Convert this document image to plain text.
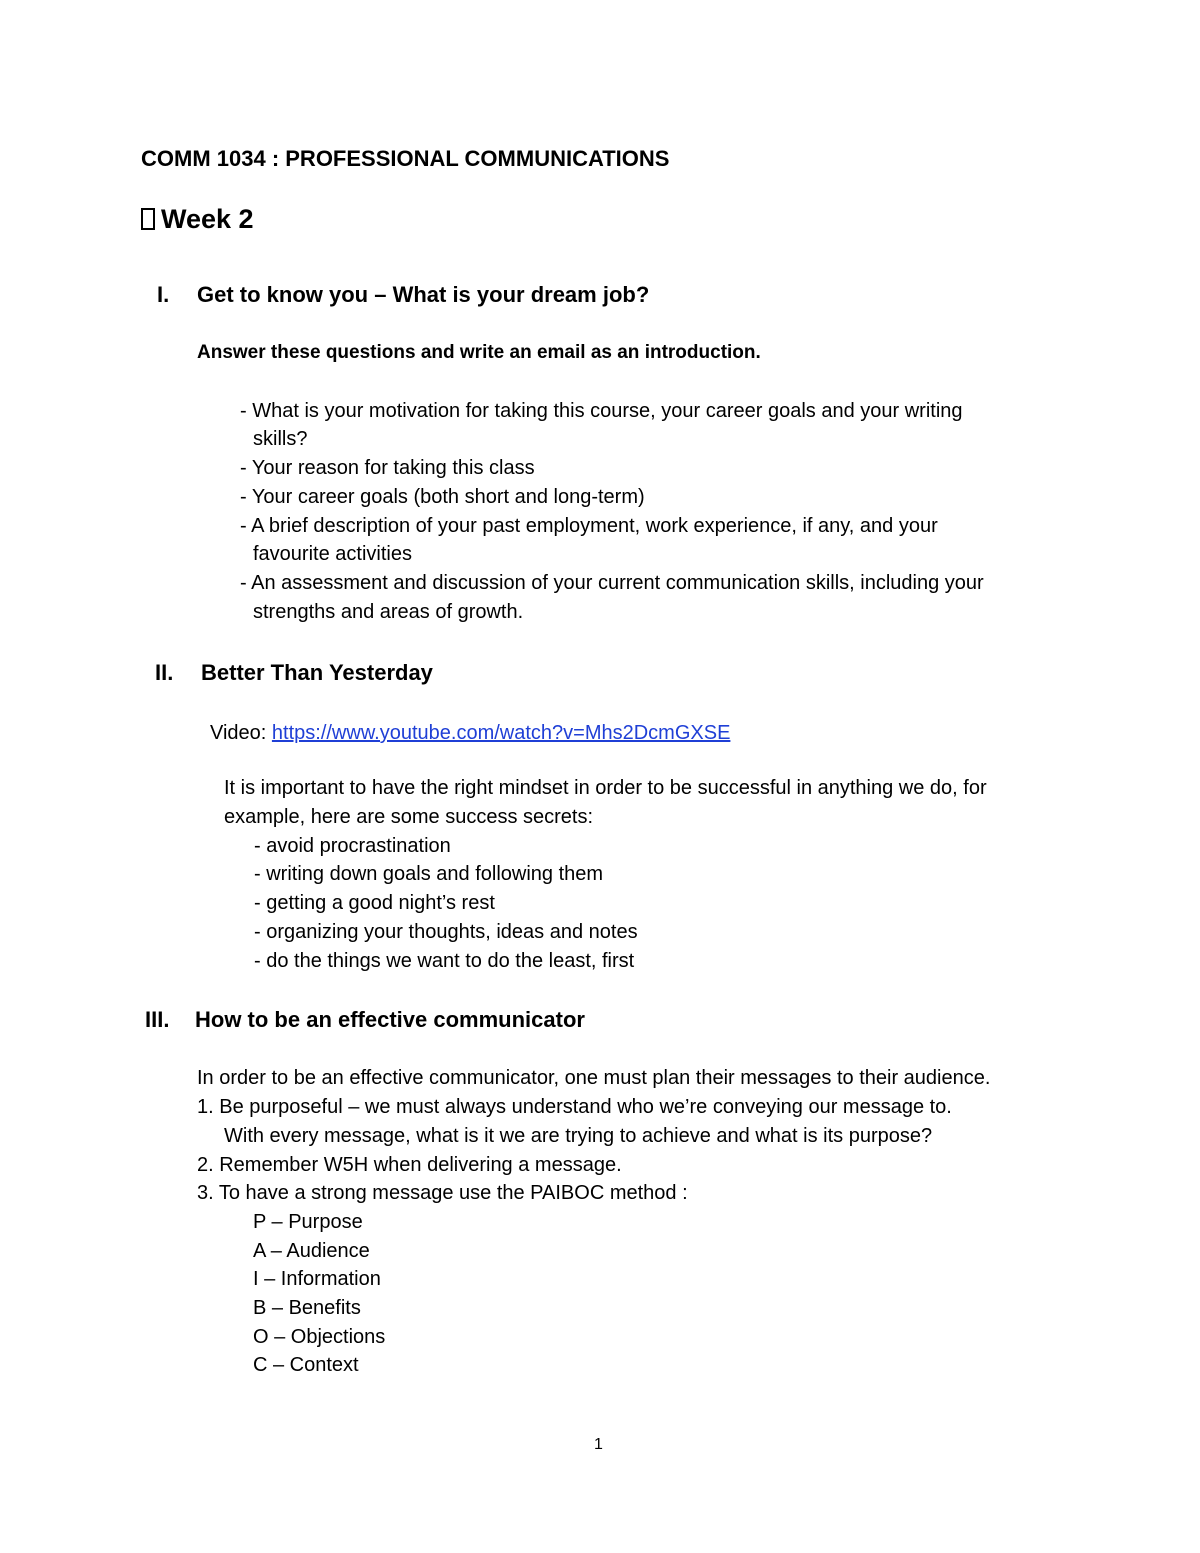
COMM 1034 : PROFESSIONAL COMMUNICATIONS
Week 2
I. Get to know you – What is your dream job?
Answer these questions and write an email as an introduction.
- What is your motivation for taking this course, your career goals and your writing
skills?
- Your reason for taking this class
- Your career goals (both short and long-term)
- A brief description of your past employment, work experience, if any, and your
favourite activities
- An assessment and discussion of your current communication skills, including your
strengths and areas of growth.
II. Better Than Yesterday
Video: https://www.youtube.com/watch?v=Mhs2DcmGXSE
It is important to have the right mindset in order to be successful in anything we do, for
example, here are some success secrets:
- avoid procrastination
- writing down goals and following them
- getting a good night’s rest
- organizing your thoughts, ideas and notes
- do the things we want to do the least, first
III. How to be an effective communicator
In order to be an effective communicator, one must plan their messages to their audience.
1. Be purposeful – we must always understand who we’re conveying our message to.
With every message, what is it we are trying to achieve and what is its purpose?
2. Remember W5H when delivering a message.
3. To have a strong message use the PAIBOC method :
P – Purpose
A – Audience
I – Information
B – Benefits
O – Objections
C – Context
1
